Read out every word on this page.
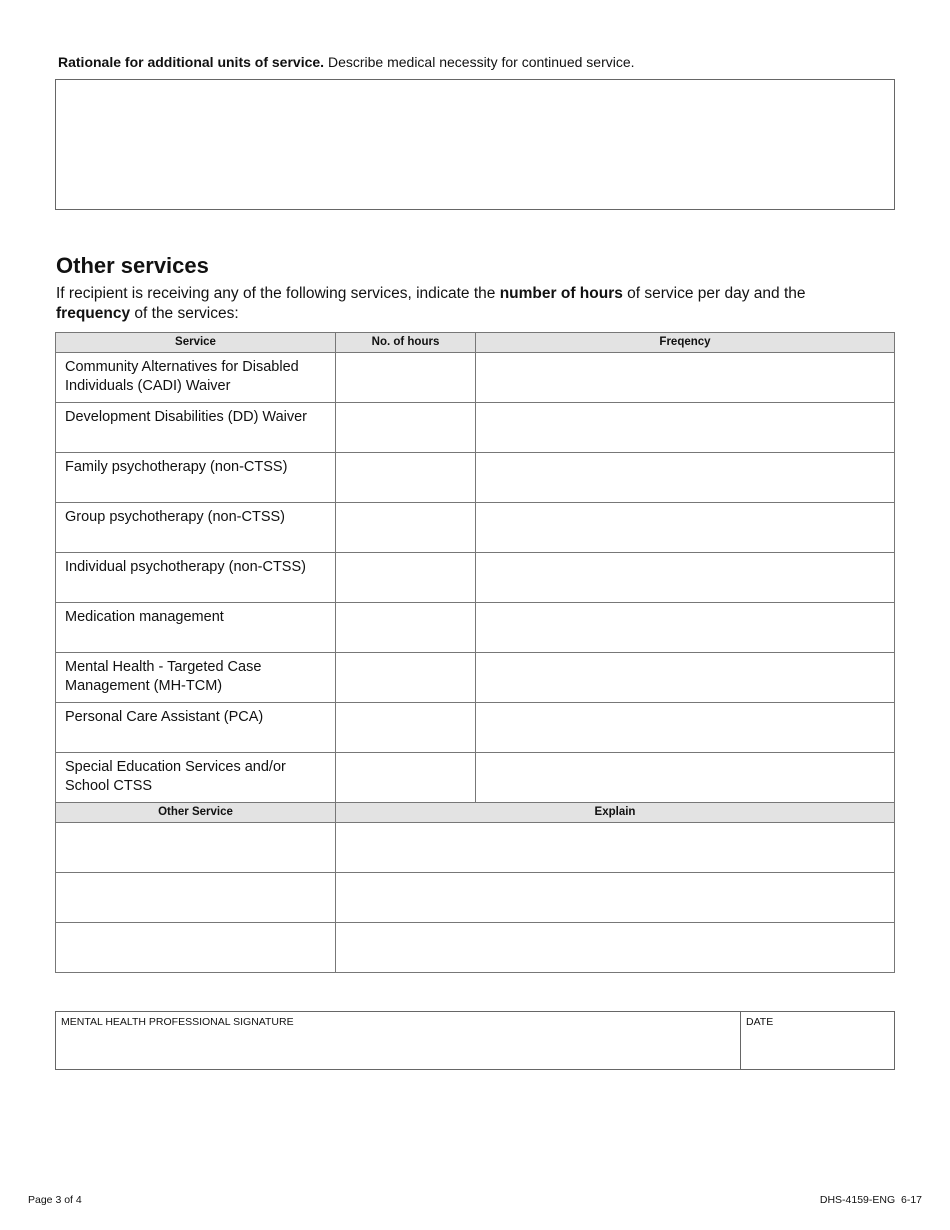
Rationale for additional units of service. Describe medical necessity for continued service.
Other services
If recipient is receiving any of the following services, indicate the number of hours of service per day and the frequency of the services:
Service	No. of hours	Freqency

Community Alternatives for Disabled Individuals (CADI) Waiver		

Development Disabilities (DD) Waiver		

Family psychotherapy (non-CTSS)		

Group psychotherapy (non-CTSS)		

Individual psychotherapy (non-CTSS)		

Medication management		

Mental Health - Targeted Case Management (MH-TCM)		

Personal Care Assistant (PCA)		

Special Education Services and/or School CTSS		

Other Service	Explain	

MENTAL HEALTH PROFESSIONAL SIGNATURE	DATE
Page 3 of 4	DHS-4159-ENG  6-17
